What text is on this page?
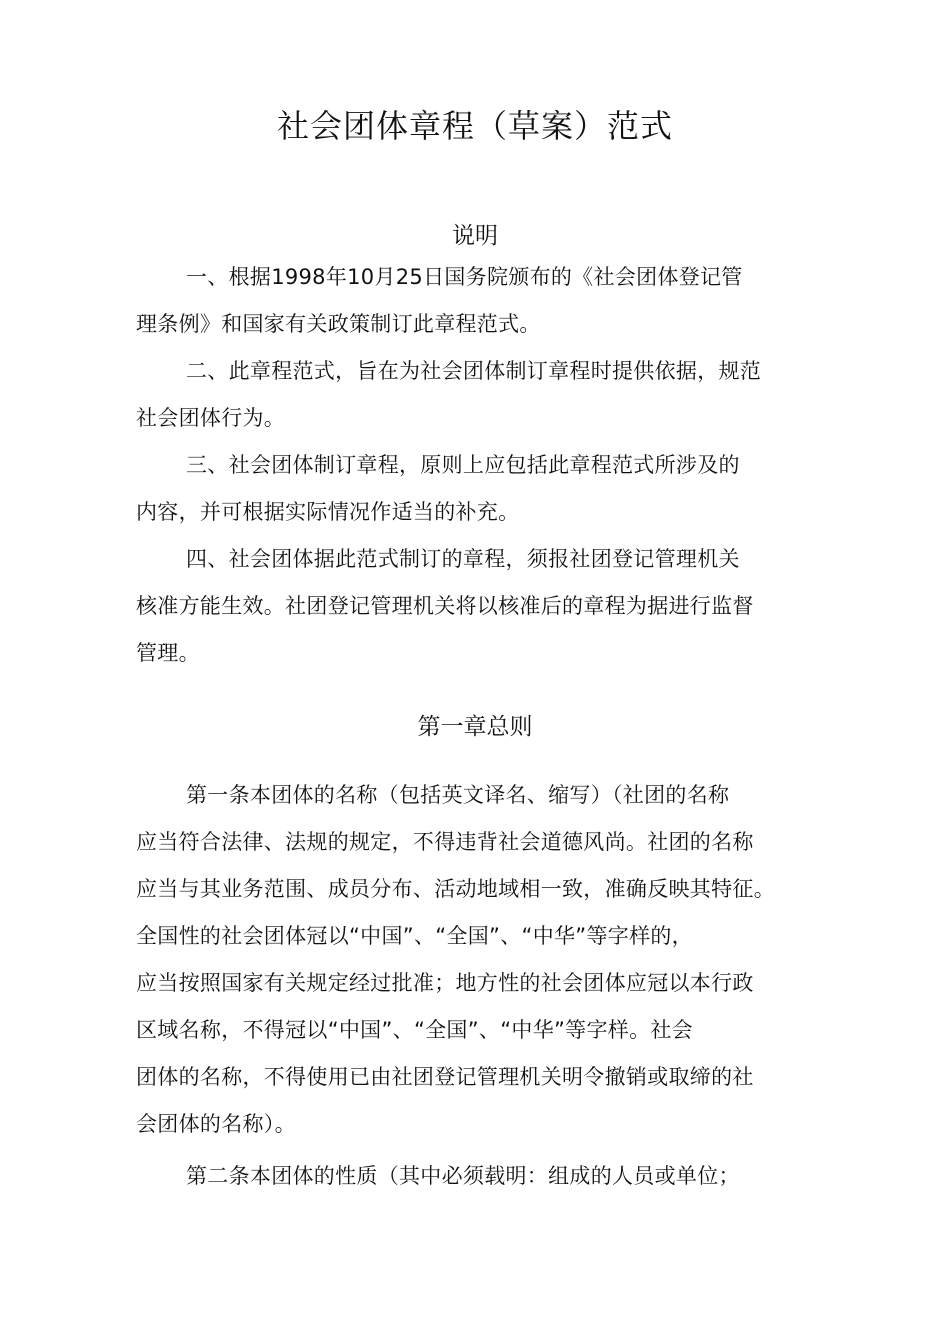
社会团体章程（草案）范式
说明
一、根据1998年10月25日国务院颁布的《社会团体登记管
理条例》和国家有关政策制订此章程范式。
二、此章程范式，旨在为社会团体制订章程时提供依据，规范
社会团体行为。
三、社会团体制订章程，原则上应包括此章程范式所涉及的
内容，并可根据实际情况作适当的补充。
四、社会团体据此范式制订的章程，须报社团登记管理机关
核准方能生效。社团登记管理机关将以核准后的章程为据进行监督
管理。
第一章总则
第一条本团体的名称（包括英文译名、缩写）（社团的名称
应当符合法律、法规的规定，不得违背社会道德风尚。社团的名称
应当与其业务范围、成员分布、活动地域相一致，准确反映其特征。
全国性的社会团体冠以“中国”、“全国”、“中华”等字样的，
应当按照国家有关规定经过批准；地方性的社会团体应冠以本行政
区域名称，不得冠以“中国”、“全国”、“中华”等字样。社会
团体的名称，不得使用已由社团登记管理机关明令撤销或取缔的社
会团体的名称）。
第二条本团体的性质（其中必须载明：组成的人员或单位；
